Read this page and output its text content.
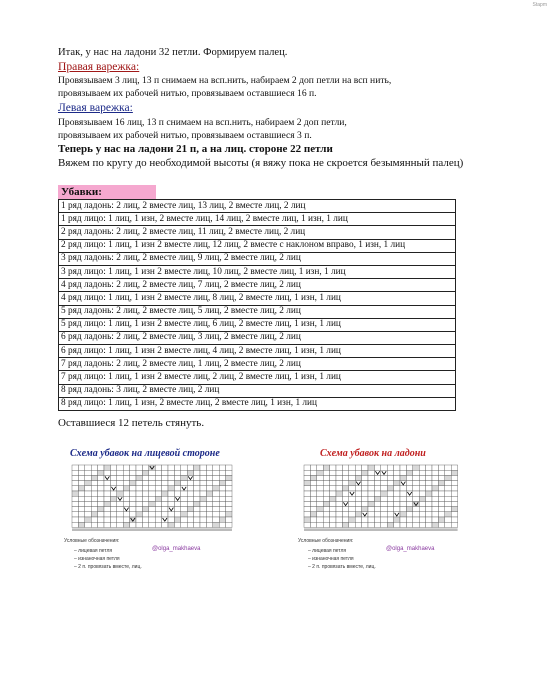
Stapm
Итак, у нас на ладони 32 петли. Формируем палец.
Правая варежка:
Провязываем 3 лиц, 13 п снимаем на всп.нить, набираем 2 доп петли на всп нить,
провязываем их рабочей нитью, провязываем оставшиеся 16 п.
Левая варежка:
Провязываем 16 лиц, 13 п снимаем на всп.нить, набираем 2 доп петли,
провязываем их рабочей нитью, провязываем оставшиеся 3 п.
Теперь у нас на ладони 21 п, а на лиц. стороне 22 петли
Вяжем по кругу до необходимой высоты (я вяжу пока не скроется безымянный палец)
Убавки:
1 ряд ладонь: 2 лиц, 2 вместе лиц, 13 лиц, 2 вместе лиц, 2 лиц
1 ряд лицо: 1 лиц, 1 изн, 2 вместе лиц, 14 лиц, 2 вместе лиц, 1 изн, 1 лиц
2 ряд ладонь: 2 лиц, 2 вместе лиц, 11 лиц, 2 вместе лиц, 2 лиц
2 ряд лицо: 1 лиц, 1 изн 2 вместе лиц, 12 лиц, 2 вместе с наклоном вправо, 1 изн, 1 лиц
3 ряд ладонь: 2 лиц, 2 вместе лиц, 9 лиц, 2 вместе лиц, 2 лиц
3 ряд лицо: 1 лиц, 1 изн 2 вместе лиц, 10 лиц, 2 вместе лиц, 1 изн, 1 лиц
4 ряд ладонь: 2 лиц, 2 вместе лиц, 7 лиц, 2 вместе лиц, 2 лиц
4 ряд лицо: 1 лиц, 1 изн 2 вместе лиц, 8 лиц, 2 вместе лиц, 1 изн, 1 лиц
5 ряд ладонь: 2 лиц, 2 вместе лиц, 5 лиц, 2 вместе лиц, 2 лиц
5 ряд лицо: 1 лиц, 1 изн 2 вместе лиц, 6 лиц, 2 вместе лиц, 1 изн, 1 лиц
6 ряд ладонь: 2 лиц, 2 вместе лиц, 3 лиц, 2 вместе лиц, 2 лиц
6 ряд лицо: 1 лиц, 1 изн 2 вместе лиц, 4 лиц, 2 вместе лиц, 1 изн, 1 лиц
7 ряд ладонь: 2 лиц, 2 вместе лиц, 1 лиц, 2 вместе лиц, 2 лиц
7 ряд лицо: 1 лиц, 1 изн 2 вместе лиц, 2 лиц, 2 вместе лиц, 1 изн, 1 лиц
8 ряд ладонь: 3 лиц, 2 вместе лиц, 2 лиц
8 ряд лицо: 1 лиц, 1 изн, 2 вместе лиц, 2 вместе лиц, 1 изн, 1 лиц
Оставшиеся 12 петель стянуть.
Схема убавок на лицевой стороне
Условные обозначения:
– лицевая петля
– изнаночная петля
– 2 п. провязать вместе, лиц.
@olga_makhaeva
Схема убавок на ладони
Условные обозначения:
– лицевая петля
– изнаночная петля
– 2 п. провязать вместе, лиц.
@olga_makhaeva
